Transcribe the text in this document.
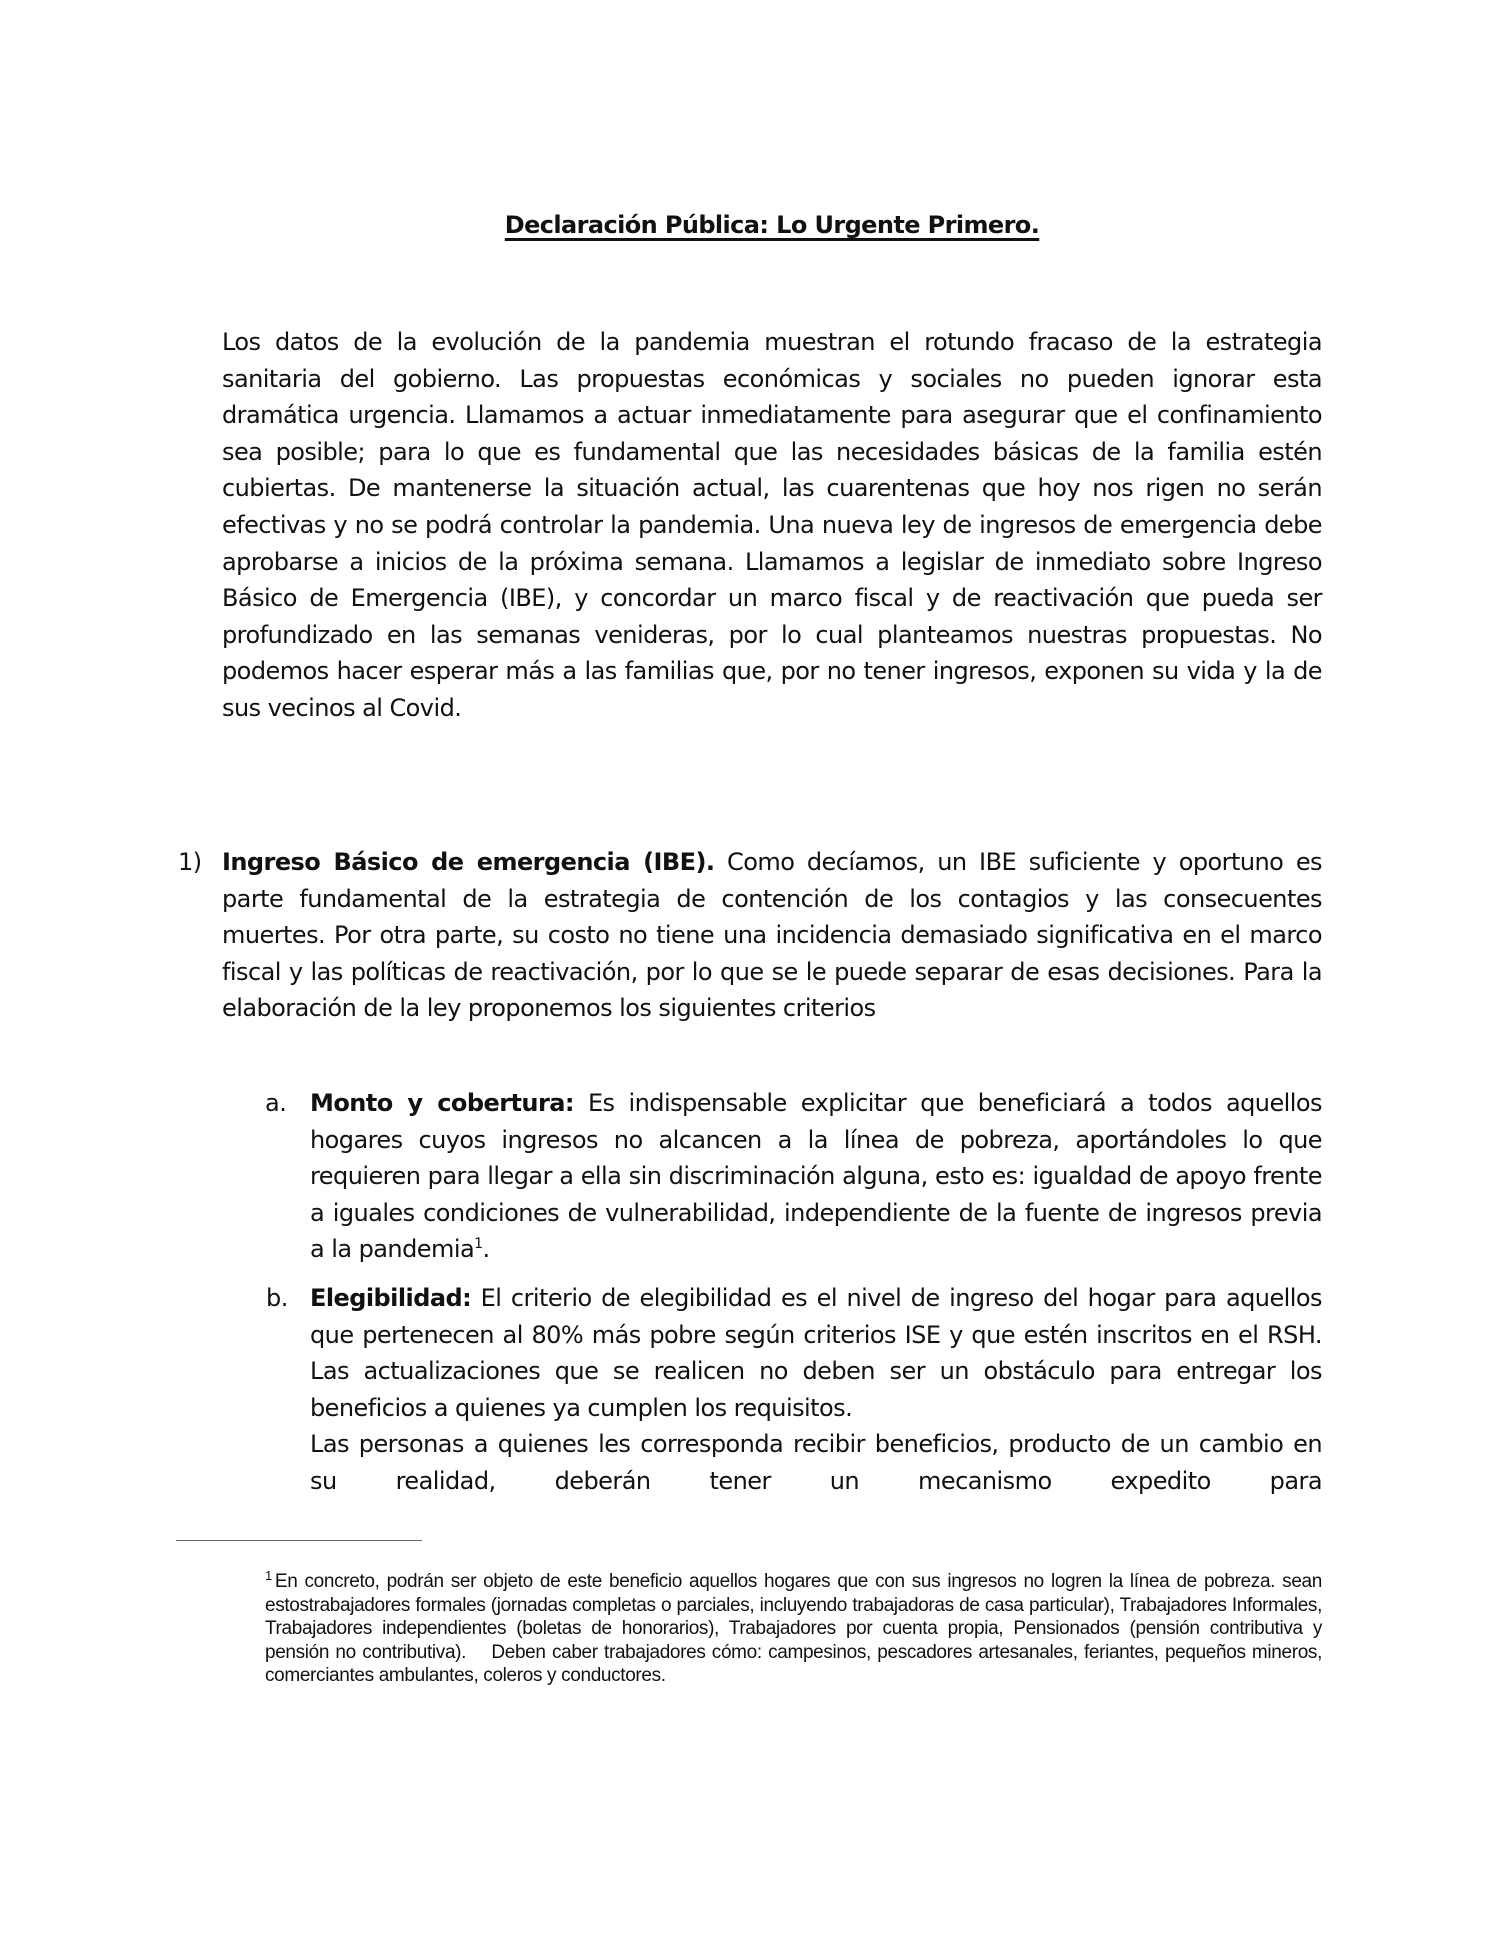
Declaración Pública: Lo Urgente Primero.

Los datos de la evolución de la pandemia muestran el rotundo fracaso de la estrategia sanitaria del gobierno. Las propuestas económicas y sociales no pueden ignorar esta dramática urgencia. Llamamos a actuar inmediatamente para asegurar que el confinamiento sea posible; para lo que es fundamental que las necesidades básicas de la familia estén cubiertas. De mantenerse la situación actual, las cuarentenas que hoy nos rigen no serán efectivas y no se podrá controlar la pandemia. Una nueva ley de ingresos de emergencia debe aprobarse a inicios de la próxima semana. Llamamos a legislar de inmediato sobre Ingreso Básico de Emergencia (IBE), y concordar un marco fiscal y de reactivación que pueda ser profundizado en las semanas venideras, por lo cual planteamos nuestras propuestas. No podemos hacer esperar más a las familias que, por no tener ingresos, exponen su vida y la de sus vecinos al Covid.

1) Ingreso Básico de emergencia (IBE). Como decíamos, un IBE suficiente y oportuno es parte fundamental de la estrategia de contención de los contagios y las consecuentes muertes. Por otra parte, su costo no tiene una incidencia demasiado significativa en el marco fiscal y las políticas de reactivación, por lo que se le puede separar de esas decisiones. Para la elaboración de la ley proponemos los siguientes criterios

a. Monto y cobertura: Es indispensable explicitar que beneficiará a todos aquellos hogares cuyos ingresos no alcancen a la línea de pobreza, aportándoles lo que requieren para llegar a ella sin discriminación alguna, esto es: igualdad de apoyo frente a iguales condiciones de vulnerabilidad, independiente de la fuente de ingresos previa a la pandemia$^1$.

b. Elegibilidad: El criterio de elegibilidad es el nivel de ingreso del hogar para aquellos que pertenecen al 80% más pobre según criterios ISE y que estén inscritos en el RSH. Las actualizaciones que se realicen no deben ser un obstáculo para entregar los beneficios a quienes ya cumplen los requisitos.

Las personas a quienes les corresponda recibir beneficios, producto de un cambio en su realidad, deberán tener un mecanismo expedito para

$^1$ En concreto, podrán ser objeto de este beneficio aquellos hogares que con sus ingresos no logren la línea de pobreza. sean estostrabajadores formales (jornadas completas o parciales, incluyendo trabajadoras de casa particular), Trabajadores Informales, Trabajadores independientes (boletas de honorarios), Trabajadores por cuenta propia, Pensionados (pensión contributiva y pensión no contributiva).    Deben caber trabajadores cómo: campesinos, pescadores artesanales, feriantes, pequeños mineros, comerciantes ambulantes, coleros y conductores.
